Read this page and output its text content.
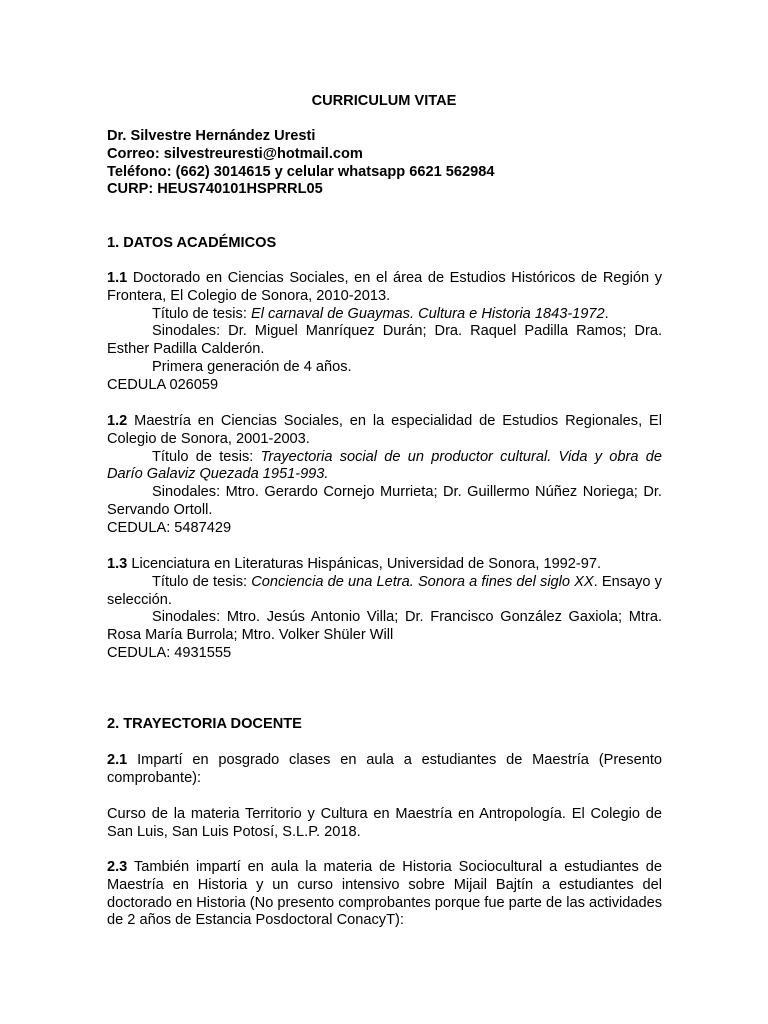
CURRICULUM VITAE

Dr. Silvestre Hernández Uresti

Correo: silvestreuresti@hotmail.com

Teléfono: (662) 3014615 y celular whatsapp 6621 562984

CURP: HEUS740101HSPRRL05

1. DATOS ACADÉMICOS

1.1 Doctorado en Ciencias Sociales, en el área de Estudios Históricos de Región y Frontera, El Colegio de Sonora, 2010-2013.

Título de tesis: El carnaval de Guaymas. Cultura e Historia 1843-1972.

Sinodales: Dr. Miguel Manríquez Durán; Dra. Raquel Padilla Ramos; Dra. Esther Padilla Calderón.

Primera generación de 4 años.

CEDULA 026059

1.2 Maestría en Ciencias Sociales, en la especialidad de Estudios Regionales, El Colegio de Sonora, 2001-2003.

Título de tesis: Trayectoria social de un productor cultural. Vida y obra de Darío Galaviz Quezada 1951-993.

Sinodales: Mtro. Gerardo Cornejo Murrieta; Dr. Guillermo Núñez Noriega; Dr. Servando Ortoll.

CEDULA: 5487429

1.3 Licenciatura en Literaturas Hispánicas, Universidad de Sonora, 1992-97.

Título de tesis: Conciencia de una Letra. Sonora a fines del siglo XX. Ensayo y selección.

Sinodales: Mtro. Jesús Antonio Villa; Dr. Francisco González Gaxiola; Mtra. Rosa María Burrola; Mtro. Volker Shüler Will

CEDULA: 4931555

2. TRAYECTORIA DOCENTE

2.1 Impartí en posgrado clases en aula a estudiantes de Maestría (Presento comprobante):

Curso de la materia Territorio y Cultura en Maestría en Antropología. El Colegio de San Luis, San Luis Potosí, S.L.P. 2018.

2.3 También impartí en aula la materia de Historia Sociocultural a estudiantes de Maestría en Historia y un curso intensivo sobre Mijail Bajtín a estudiantes del doctorado en Historia (No presento comprobantes porque fue parte de las actividades de 2 años de Estancia Posdoctoral ConacyT):
